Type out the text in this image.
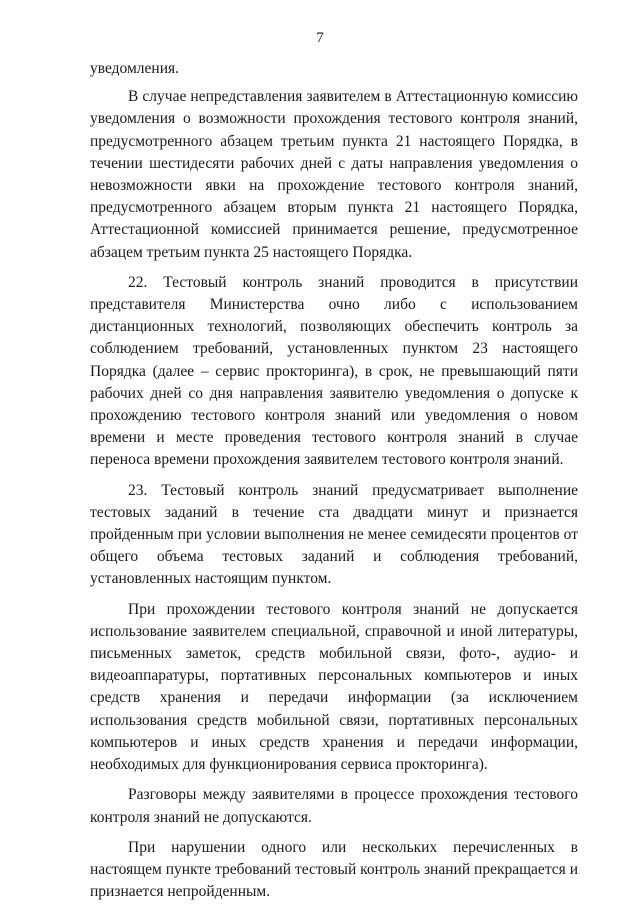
7

уведомления.

В случае непредставления заявителем в Аттестационную комиссию уведомления о возможности прохождения тестового контроля знаний, предусмотренного абзацем третьим пункта 21 настоящего Порядка, в течении шестидесяти рабочих дней с даты направления уведомления о невозможности явки на прохождение тестового контроля знаний, предусмотренного абзацем вторым пункта 21 настоящего Порядка, Аттестационной комиссией принимается решение, предусмотренное абзацем третьим пункта 25 настоящего Порядка.

22. Тестовый контроль знаний проводится в присутствии представителя Министерства очно либо с использованием дистанционных технологий, позволяющих обеспечить контроль за соблюдением требований, установленных пунктом 23 настоящего Порядка (далее – сервис прокторинга), в срок, не превышающий пяти рабочих дней со дня направления заявителю уведомления о допуске к прохождению тестового контроля знаний или уведомления о новом времени и месте проведения тестового контроля знаний в случае переноса времени прохождения заявителем тестового контроля знаний.

23. Тестовый контроль знаний предусматривает выполнение тестовых заданий в течение ста двадцати минут и признается пройденным при условии выполнения не менее семидесяти процентов от общего объема тестовых заданий и соблюдения требований, установленных настоящим пунктом.

При прохождении тестового контроля знаний не допускается использование заявителем специальной, справочной и иной литературы, письменных заметок, средств мобильной связи, фото-, аудио- и видеоаппаратуры, портативных персональных компьютеров и иных средств хранения и передачи информации (за исключением использования средств мобильной связи, портативных персональных компьютеров и иных средств хранения и передачи информации, необходимых для функционирования сервиса прокторинга).

Разговоры между заявителями в процессе прохождения тестового контроля знаний не допускаются.

При нарушении одного или нескольких перечисленных в настоящем пункте требований тестовый контроль знаний прекращается и признается непройденным.
